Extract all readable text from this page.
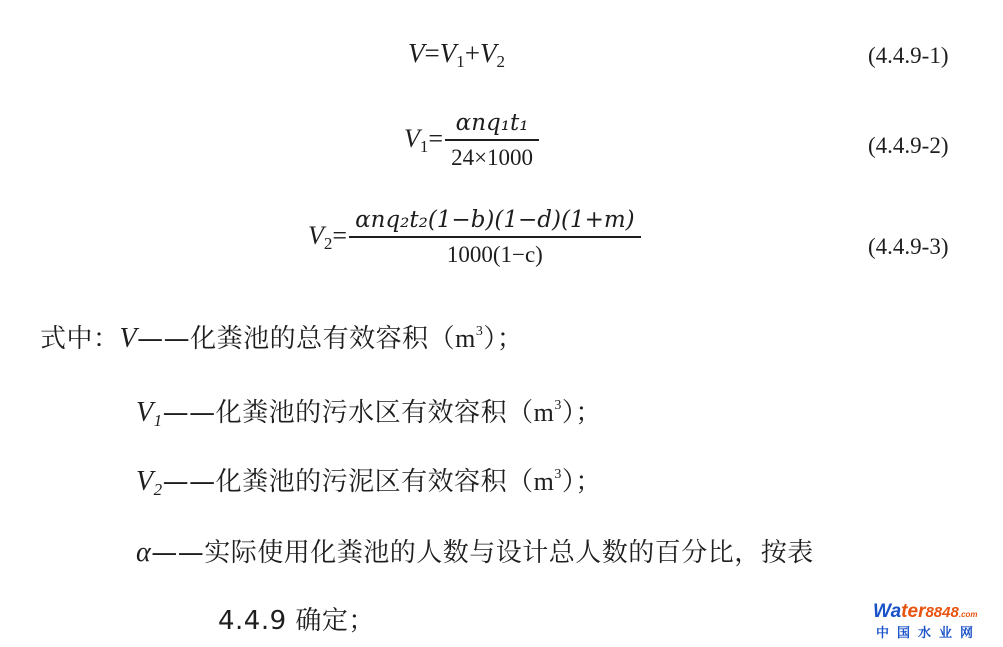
$V=V_1+V_2$	(4.4.9-1)
$V_1= \frac{\text{αnq₁t₁}}{24\times 1000}$	(4.4.9-2)
$V_2= \frac{\text{αnq₂t₂(1−b)(1−d)(1+m)}}{1000(1-c)}$	(4.4.9-3)
式中：V——化粪池的总有效容积$(m^3)$；
$V_1——$化粪池的污水区有效容积$(m^3)$；
$V_2——$化粪池的污泥区有效容积$(m^3)$；
α——实际使用化粪池的人数与设计总人数的百分比，按表
4.4.9 确定；	Water8848.com
中国水业网
